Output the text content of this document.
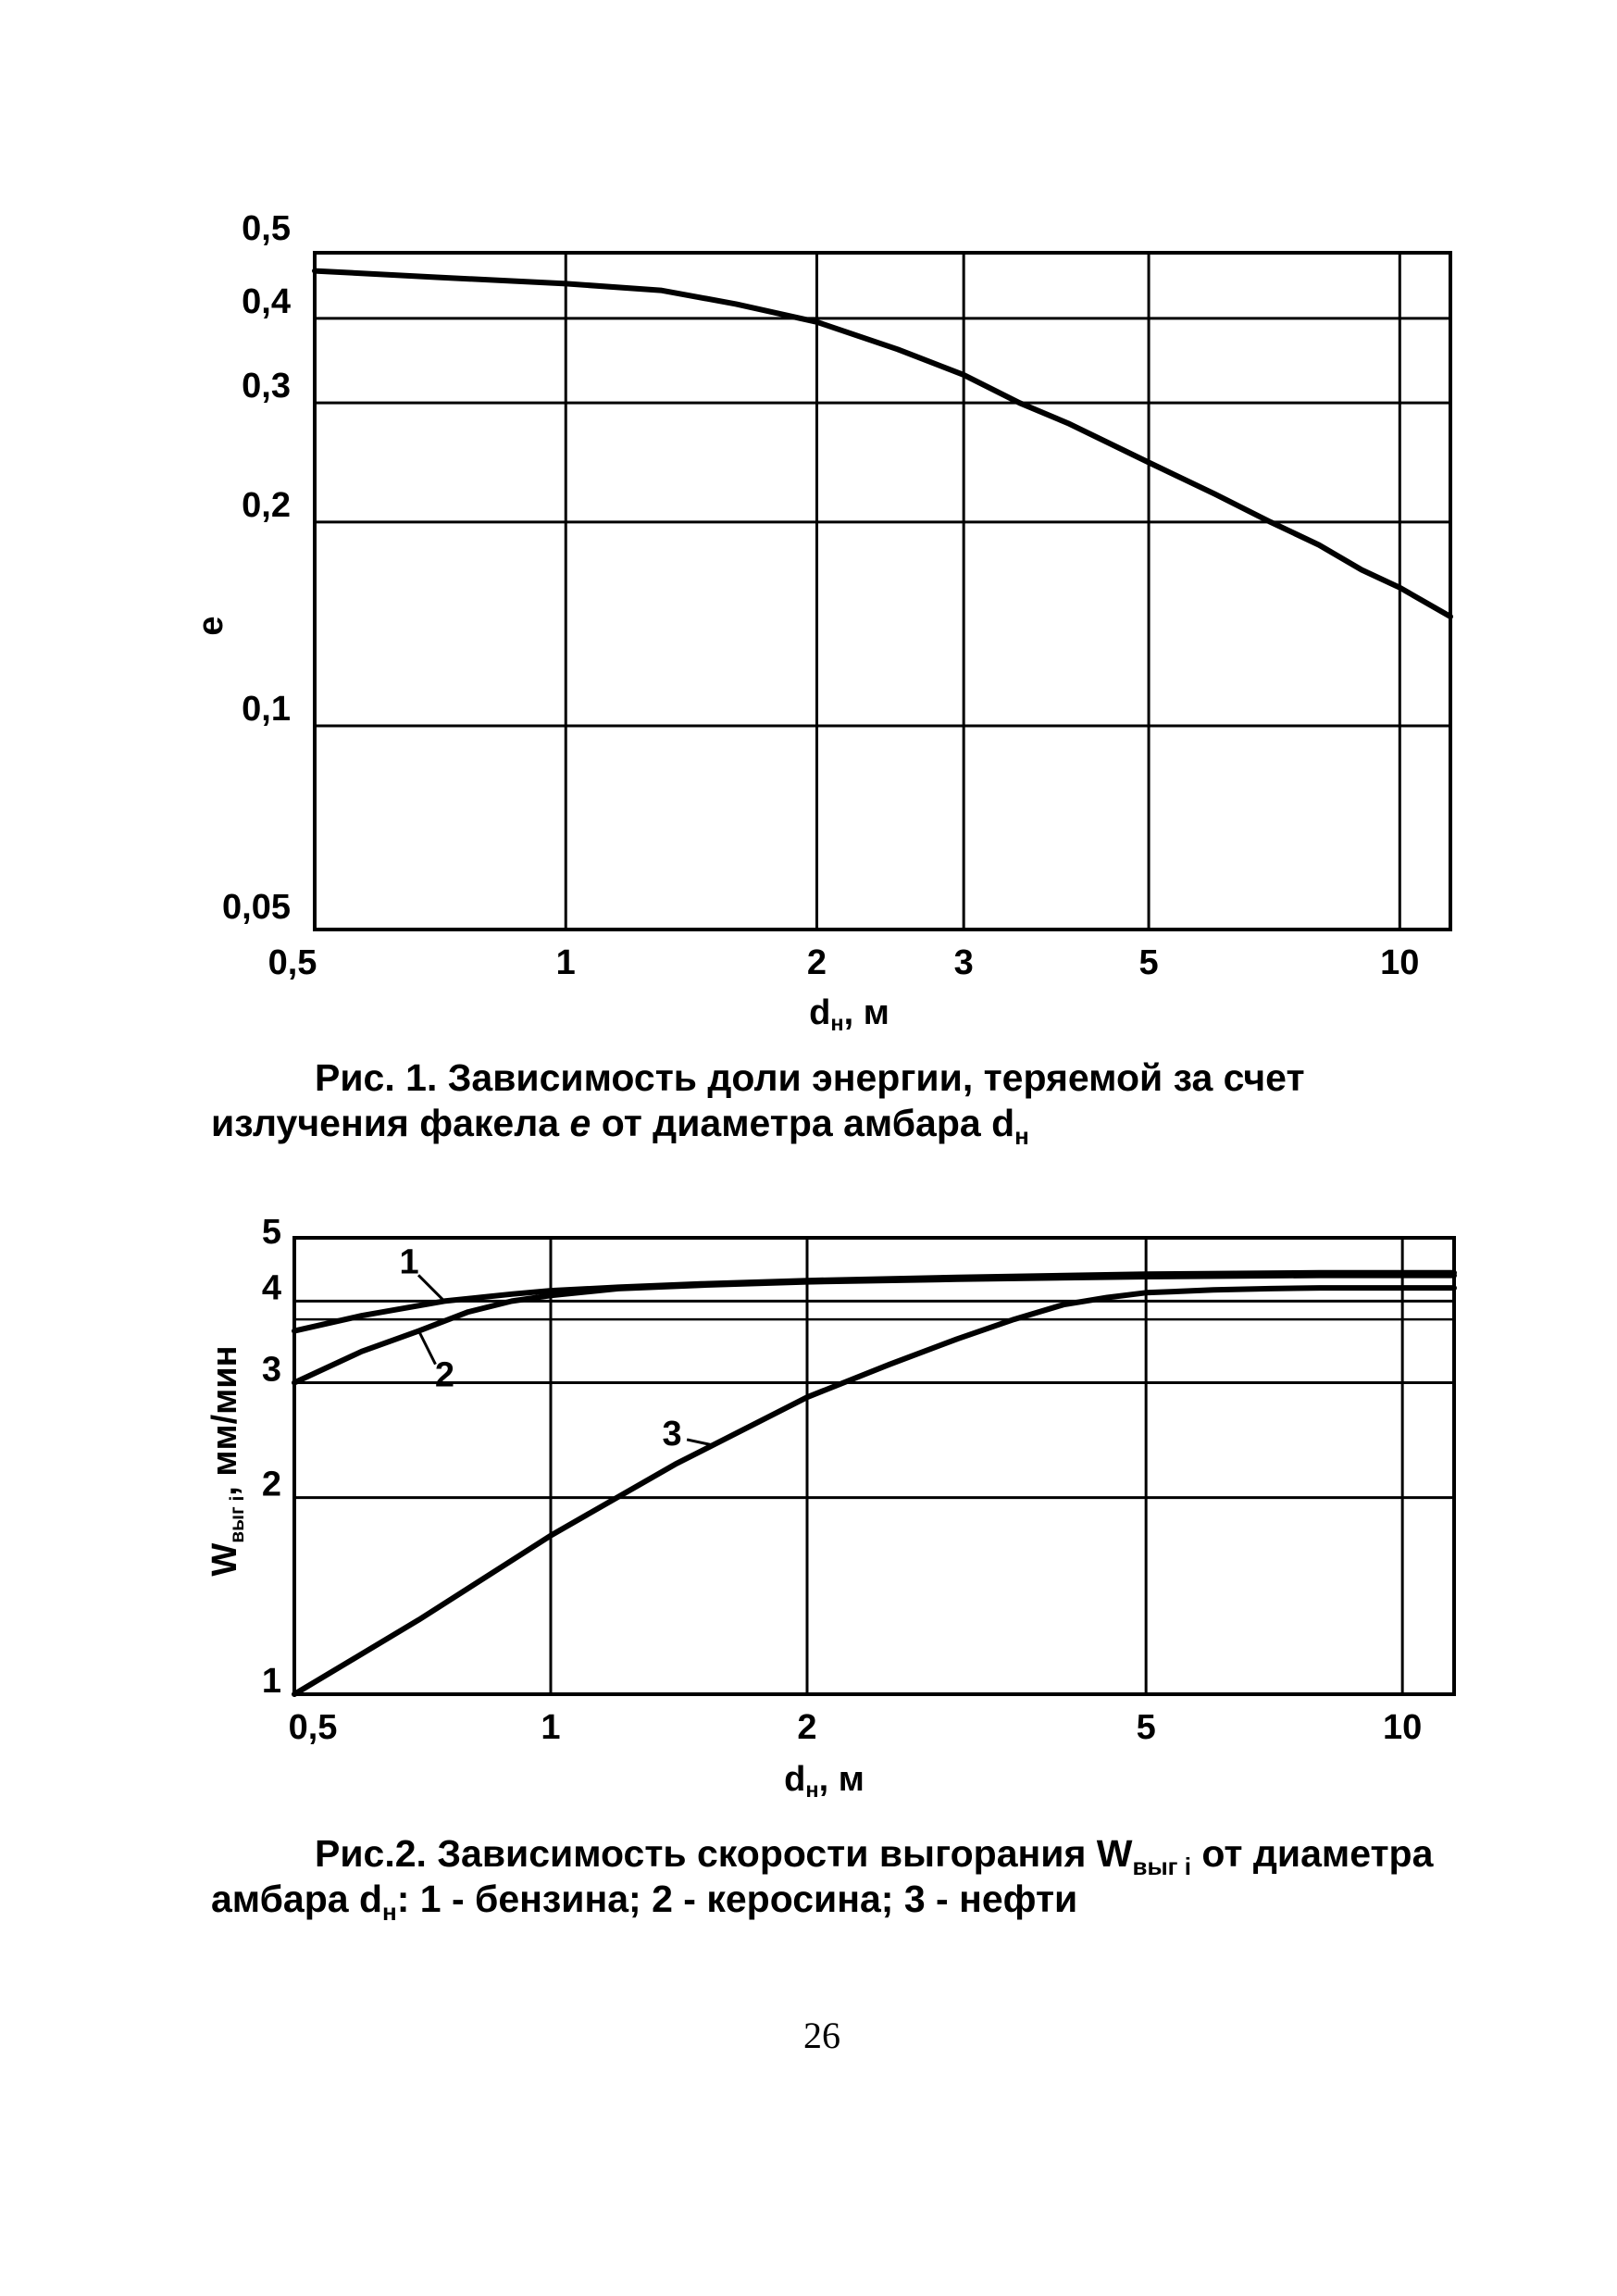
0,5	1	2	3	5	10
0,05
0,1
0,2
0,3
0,4
0,5
dн, м
e
Рис. 1. Зависимость доли энергии, теряемой за счет
излучения факела e от диаметра амбара $d_н$
0,5	1	2	5	10
1
2
3
4
5
dн, м
$W_{выг i}$, мм/мин
1
2
3
Рис.2. Зависимость скорости выгорания $W_{выг i}$ от диаметра
амбара $d_н$: 1 - бензина; 2 - керосина; 3 - нефти
26
